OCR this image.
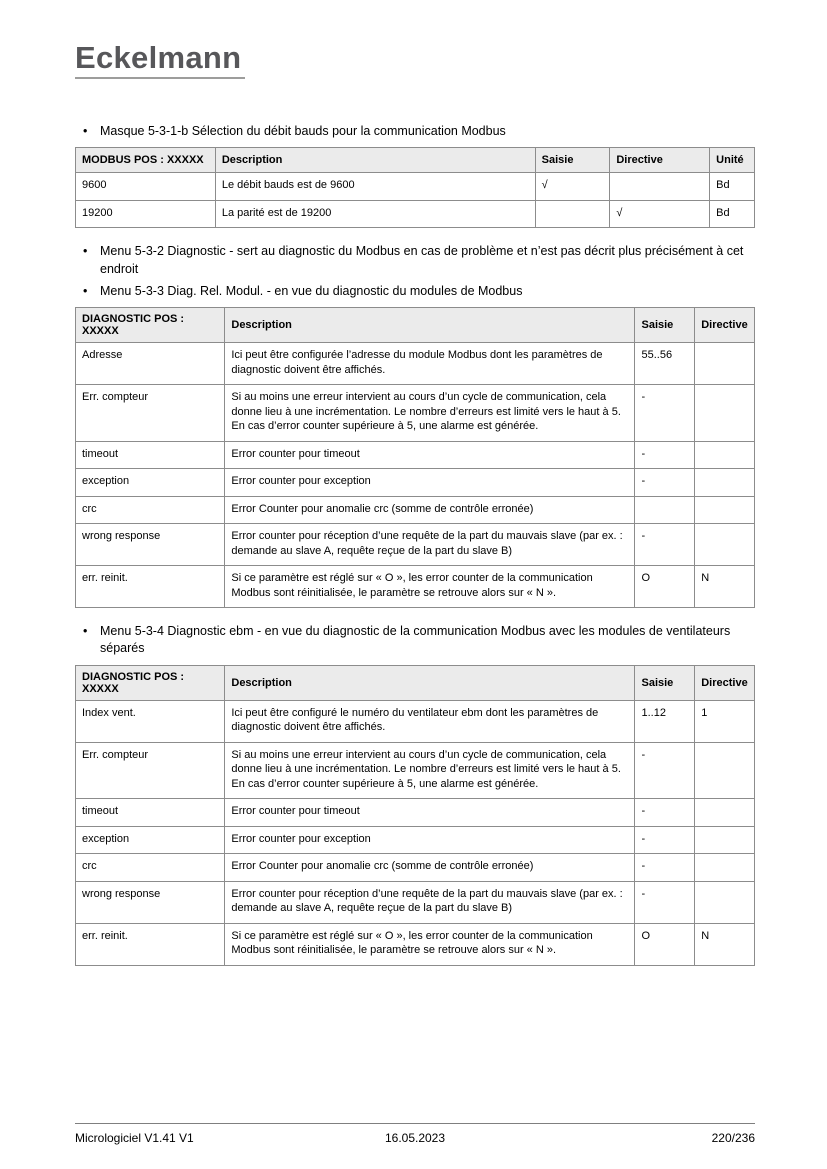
Eckelmann
• Masque 5-3-1-b Sélection du débit bauds pour la communication Modbus
MODBUS POS : XXXXX	Description	Saisie	Directive	Unité
9600	Le débit bauds est de 9600	√		Bd
19200	La parité est de 19200		√	Bd
• Menu 5-3-2 Diagnostic - sert au diagnostic du Modbus en cas de problème et n’est pas décrit plus précisément à cet endroit
• Menu 5-3-3 Diag. Rel. Modul. - en vue du diagnostic du modules de Modbus
DIAGNOSTIC POS : XXXXX	Description	Saisie	Directive
Adresse	Ici peut être configurée l’adresse du module Modbus dont les paramètres de diagnostic doivent être affichés.	55..56	
Err. compteur	Si au moins une erreur intervient au cours d’un cycle de communication, cela donne lieu à une incrémentation. Le nombre d’erreurs est limité vers le haut à 5. En cas d’error counter supérieure à 5, une alarme est générée.	-	
timeout	Error counter pour timeout	-	
exception	Error counter pour exception	-	
crc	Error Counter pour anomalie crc (somme de contrôle erronée)		
wrong response	Error counter pour réception d’une requête de la part du mauvais slave (par ex. : demande au slave A, requête reçue de la part du slave B)	-	
err. reinit.	Si ce paramètre est réglé sur « O », les error counter de la communication Modbus sont réinitialisée, le paramètre se retrouve alors sur « N ».	O	N
• Menu 5-3-4 Diagnostic ebm - en vue du diagnostic de la communication Modbus avec les modules de ventilateurs séparés
DIAGNOSTIC POS : XXXXX	Description	Saisie	Directive
Index vent.	Ici peut être configuré le numéro du ventilateur ebm dont les paramètres de diagnostic doivent être affichés.	1..12	1
Err. compteur	Si au moins une erreur intervient au cours d’un cycle de communication, cela donne lieu à une incrémentation. Le nombre d’erreurs est limité vers le haut à 5. En cas d’error counter supérieure à 5, une alarme est générée.	-	
timeout	Error counter pour timeout	-	
exception	Error counter pour exception	-	
crc	Error Counter pour anomalie crc (somme de contrôle erronée)	-	
wrong response	Error counter pour réception d’une requête de la part du mauvais slave (par ex. : demande au slave A, requête reçue de la part du slave B)	-	
err. reinit.	Si ce paramètre est réglé sur « O », les error counter de la communication Modbus sont réinitialisée, le paramètre se retrouve alors sur « N ».	O	N
16.05.2023
Micrologiciel V1.41 V1	220/236
